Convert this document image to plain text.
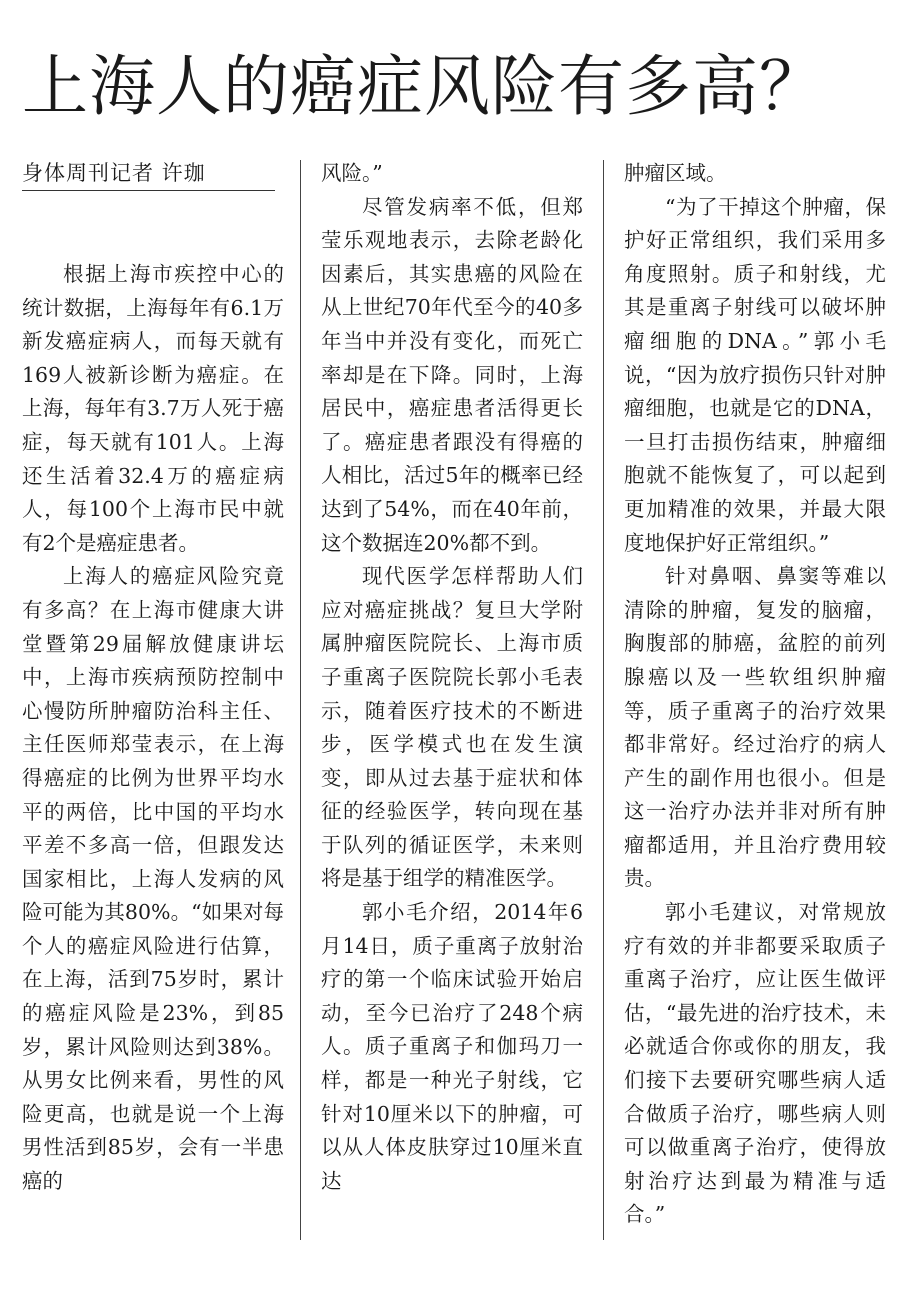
上海人的癌症风险有多高？
身体周刊记者 许珈

根据上海市疾控中心的统计数据，上海每年有6.1万新发癌症病人，而每天就有169人被新诊断为癌症。在上海，每年有3.7万人死于癌症，每天就有101人。上海还生活着32.4万的癌症病人，每100个上海市民中就有2个是癌症患者。

上海人的癌症风险究竟有多高？在上海市健康大讲堂暨第29届解放健康讲坛中，上海市疾病预防控制中心慢防所肿瘤防治科主任、主任医师郑莹表示，在上海得癌症的比例为世界平均水平的两倍，比中国的平均水平差不多高一倍，但跟发达国家相比，上海人发病的风险可能为其80%。“如果对每个人的癌症风险进行估算，在上海，活到75岁时，累计的癌症风险是23%，到85岁，累计风险则达到38%。从男女比例来看，男性的风险更高，也就是说一个上海男性活到85岁，会有一半患癌的

风险。”

尽管发病率不低，但郑莹乐观地表示，去除老龄化因素后，其实患癌的风险在从上世纪70年代至今的40多年当中并没有变化，而死亡率却是在下降。同时，上海居民中，癌症患者活得更长了。癌症患者跟没有得癌的人相比，活过5年的概率已经达到了54%，而在40年前，这个数据连20%都不到。

现代医学怎样帮助人们应对癌症挑战？复旦大学附属肿瘤医院院长、上海市质子重离子医院院长郭小毛表示，随着医疗技术的不断进步，医学模式也在发生演变，即从过去基于症状和体征的经验医学，转向现在基于队列的循证医学，未来则将是基于组学的精准医学。

郭小毛介绍，2014年6月14日，质子重离子放射治疗的第一个临床试验开始启动，至今已治疗了248个病人。质子重离子和伽玛刀一样，都是一种光子射线，它针对10厘米以下的肿瘤，可以从人体皮肤穿过10厘米直达

肿瘤区域。

“为了干掉这个肿瘤，保护好正常组织，我们采用多角度照射。质子和射线，尤其是重离子射线可以破坏肿瘤细胞的DNA。”郭小毛说，“因为放疗损伤只针对肿瘤细胞，也就是它的DNA，一旦打击损伤结束，肿瘤细胞就不能恢复了，可以起到更加精准的效果，并最大限度地保护好正常组织。”

针对鼻咽、鼻窦等难以清除的肿瘤，复发的脑瘤，胸腹部的肺癌，盆腔的前列腺癌以及一些软组织肿瘤等，质子重离子的治疗效果都非常好。经过治疗的病人产生的副作用也很小。但是这一治疗办法并非对所有肿瘤都适用，并且治疗费用较贵。

郭小毛建议，对常规放疗有效的并非都要采取质子重离子治疗，应让医生做评估，“最先进的治疗技术，未必就适合你或你的朋友，我们接下去要研究哪些病人适合做质子治疗，哪些病人则可以做重离子治疗，使得放射治疗达到最为精准与适合。”
